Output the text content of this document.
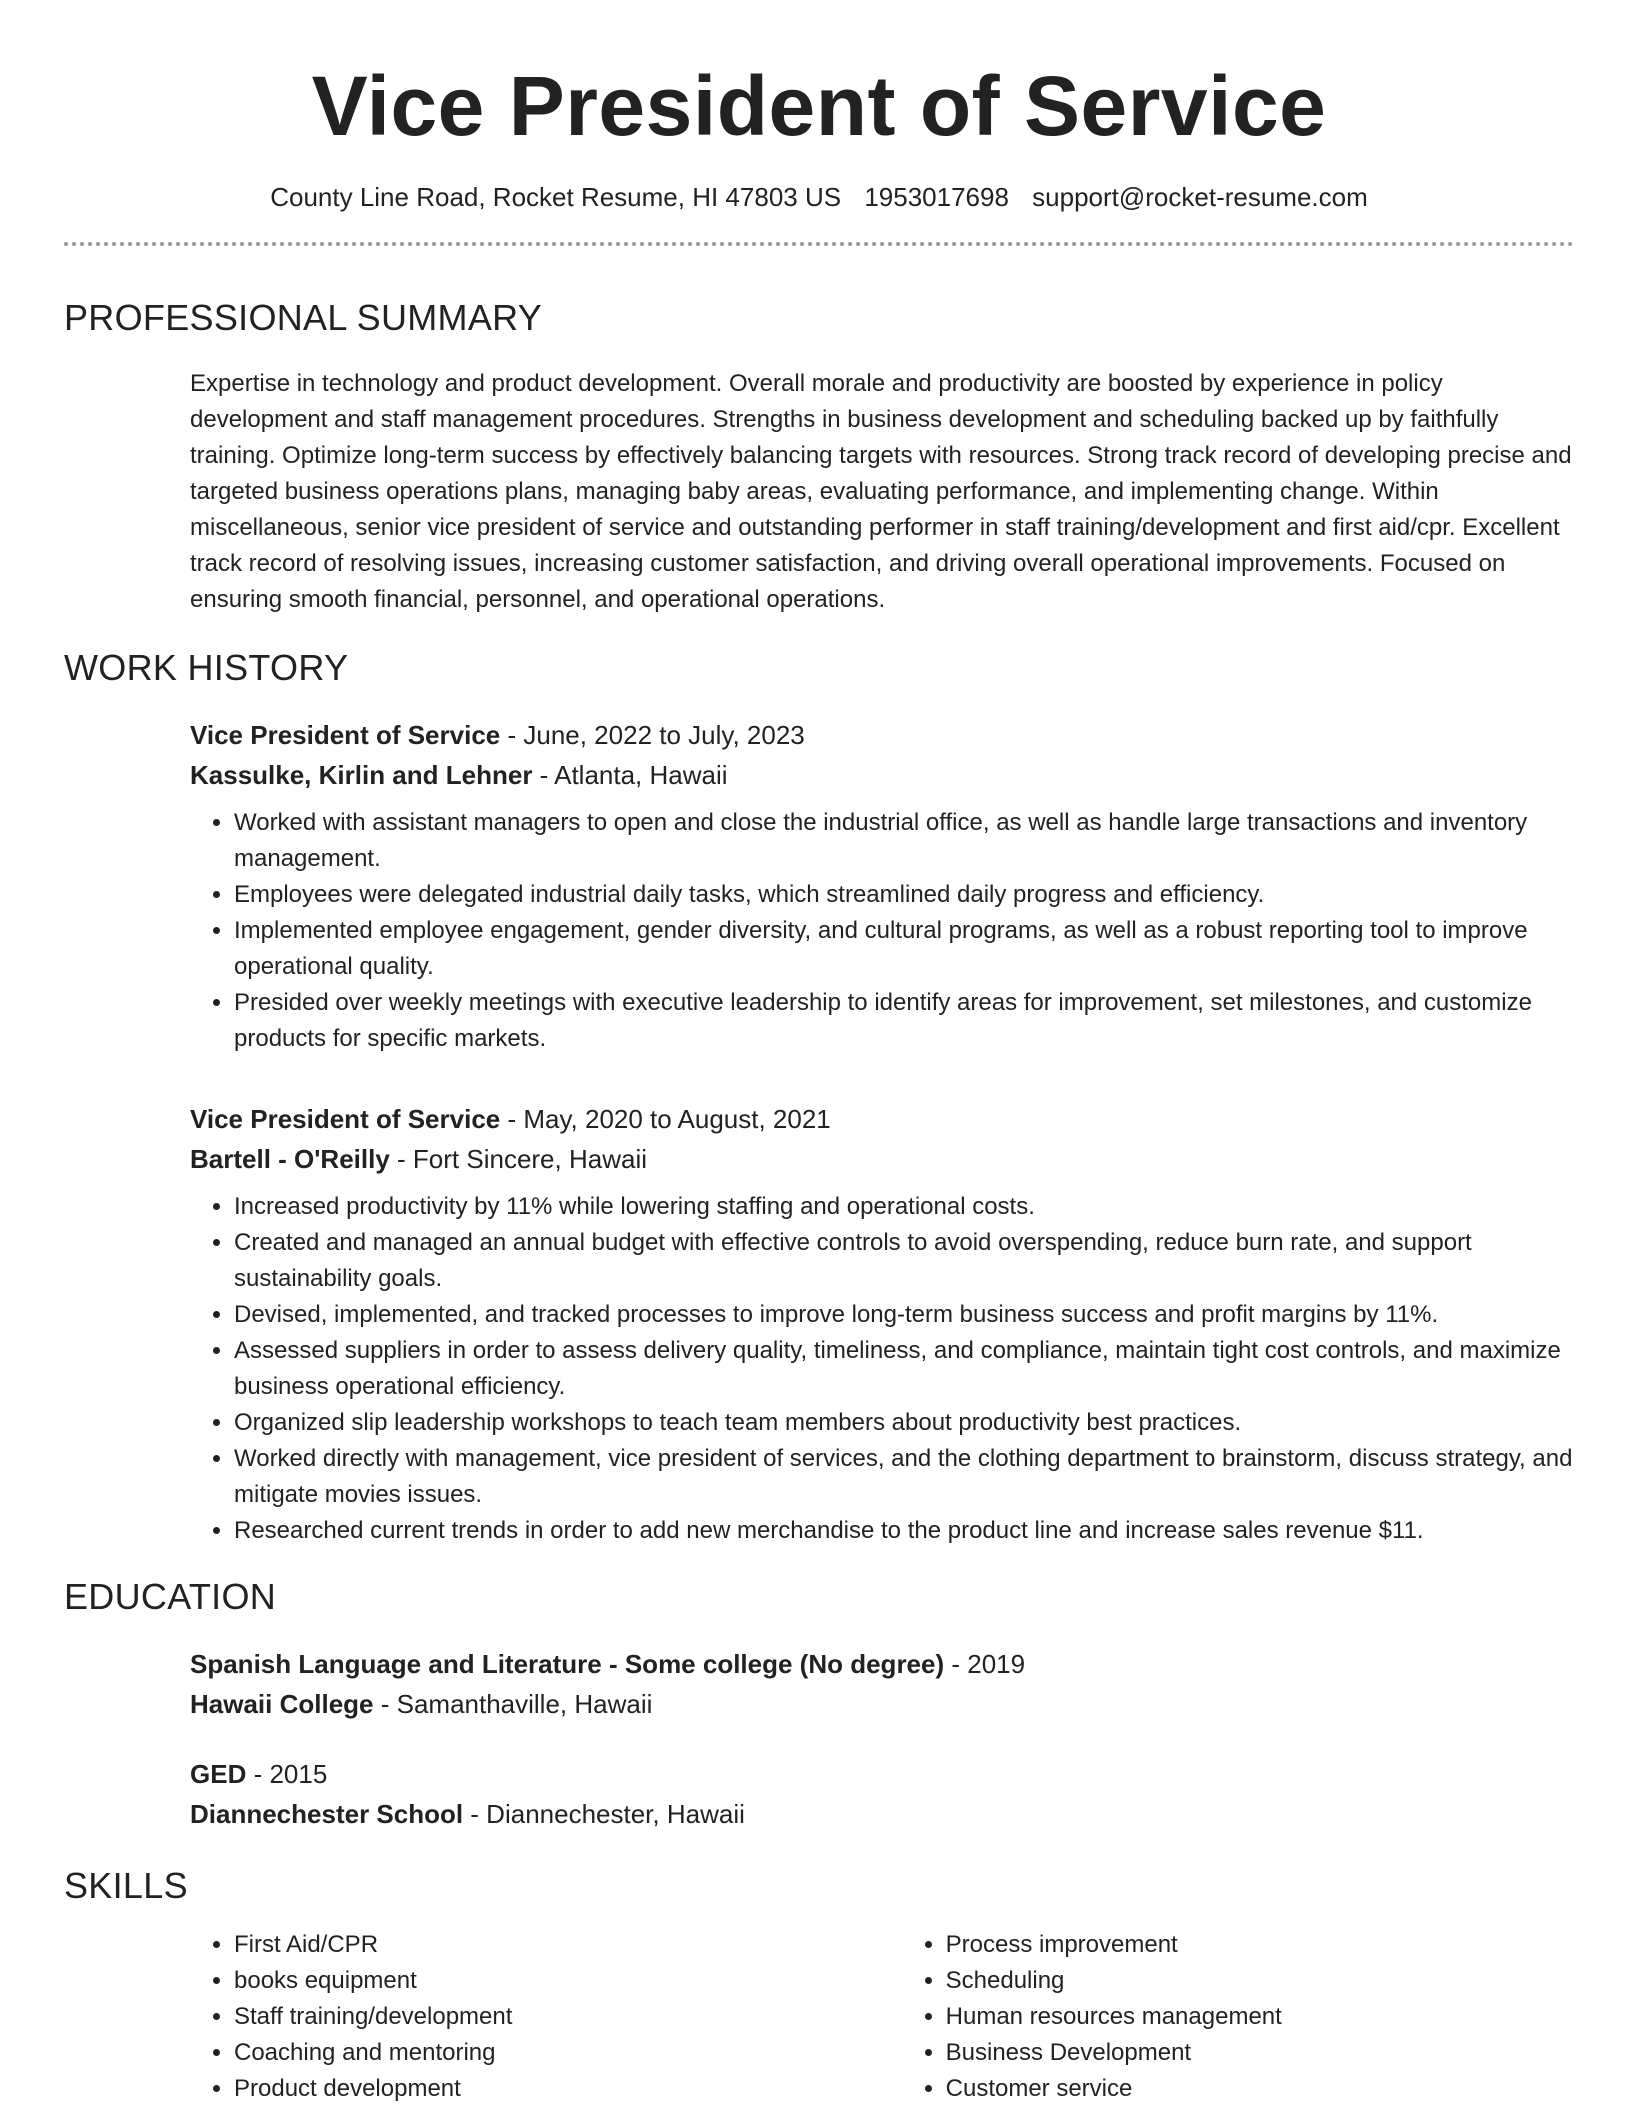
Vice President of Service
County Line Road, Rocket Resume, HI 47803 US 1953017698 support@rocket-resume.com
PROFESSIONAL SUMMARY
Expertise in technology and product development. Overall morale and productivity are boosted by experience in policy development and staff management procedures. Strengths in business development and scheduling backed up by faithfully training. Optimize long-term success by effectively balancing targets with resources. Strong track record of developing precise and targeted business operations plans, managing baby areas, evaluating performance, and implementing change. Within miscellaneous, senior vice president of service and outstanding performer in staff training/development and first aid/cpr. Excellent track record of resolving issues, increasing customer satisfaction, and driving overall operational improvements. Focused on ensuring smooth financial, personnel, and operational operations.
WORK HISTORY
Vice President of Service - June, 2022 to July, 2023
Kassulke, Kirlin and Lehner - Atlanta, Hawaii
• Worked with assistant managers to open and close the industrial office, as well as handle large transactions and inventory management.
• Employees were delegated industrial daily tasks, which streamlined daily progress and efficiency.
• Implemented employee engagement, gender diversity, and cultural programs, as well as a robust reporting tool to improve operational quality.
• Presided over weekly meetings with executive leadership to identify areas for improvement, set milestones, and customize products for specific markets.
Vice President of Service - May, 2020 to August, 2021
Bartell - O'Reilly - Fort Sincere, Hawaii
• Increased productivity by 11% while lowering staffing and operational costs.
• Created and managed an annual budget with effective controls to avoid overspending, reduce burn rate, and support sustainability goals.
• Devised, implemented, and tracked processes to improve long-term business success and profit margins by 11%.
• Assessed suppliers in order to assess delivery quality, timeliness, and compliance, maintain tight cost controls, and maximize business operational efficiency.
• Organized slip leadership workshops to teach team members about productivity best practices.
• Worked directly with management, vice president of services, and the clothing department to brainstorm, discuss strategy, and mitigate movies issues.
• Researched current trends in order to add new merchandise to the product line and increase sales revenue $11.
EDUCATION
Spanish Language and Literature - Some college (No degree) - 2019
Hawaii College - Samanthaville, Hawaii
GED - 2015
Diannechester School - Diannechester, Hawaii
SKILLS
• First Aid/CPR
• books equipment
• Staff training/development
• Coaching and mentoring
• Product development
• Process improvement
• Scheduling
• Human resources management
• Business Development
• Customer service
